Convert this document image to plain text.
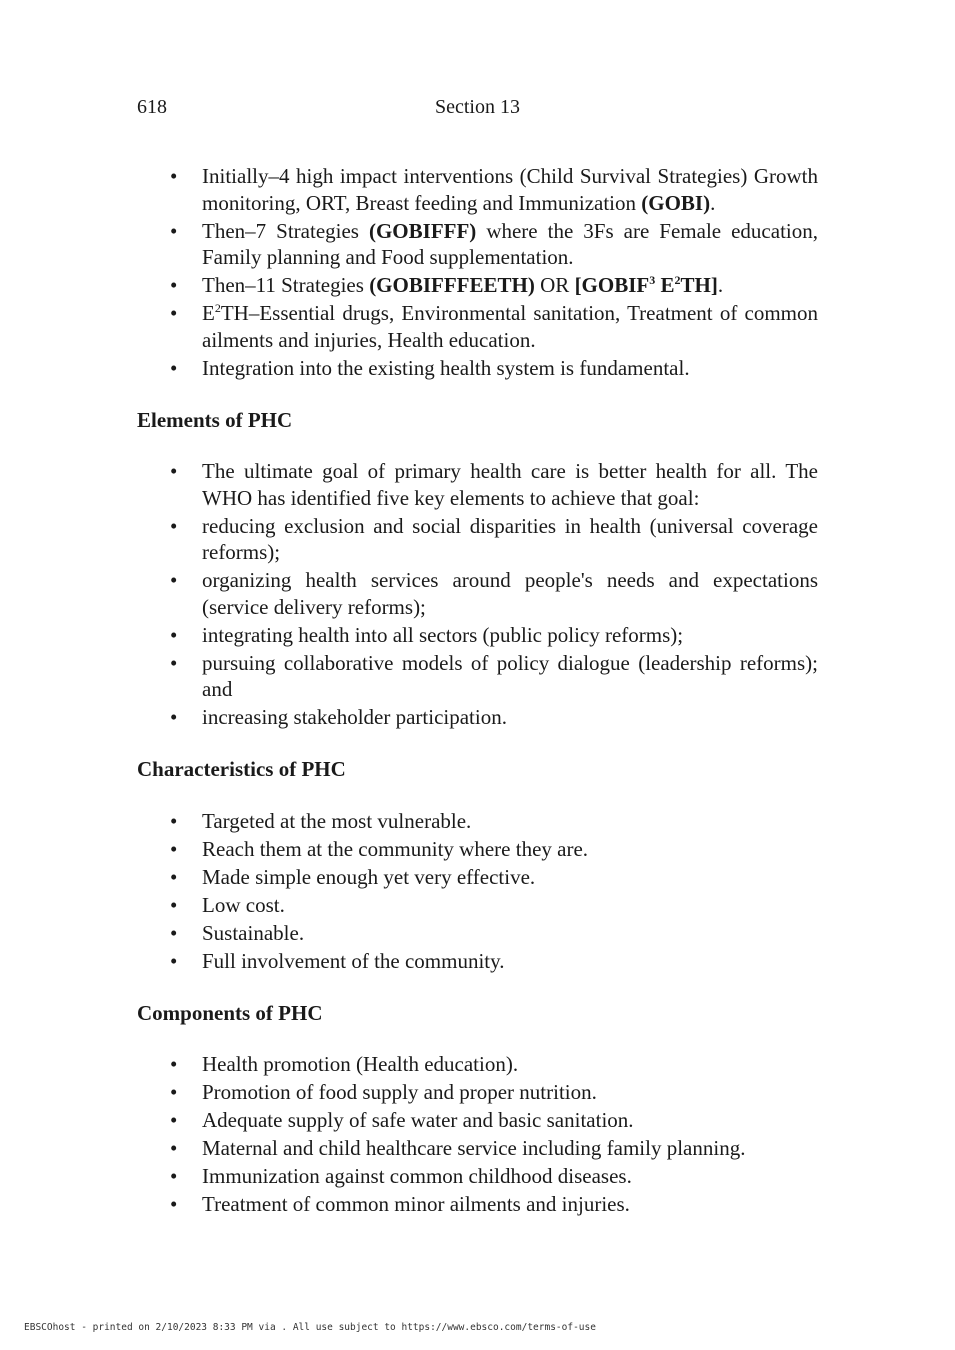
618	Section 13
• Initially–4 high impact interventions (Child Survival Strategies) Growth monitoring, ORT, Breast feeding and Immunization (GOBI).
• Then–7 Strategies (GOBIFFF) where the 3Fs are Female education, Family planning and Food supplementation.
• Then–11 Strategies (GOBIFFFEETH) OR [GOBIF$^3$ $E^2TH$].
• $E^2TH$–Essential drugs, Environmental sanitation, Treatment of common ailments and injuries, Health education.
• Integration into the existing health system is fundamental.
Elements of PHC
• The ultimate goal of primary health care is better health for all. The WHO has identified five key elements to achieve that goal:
• reducing exclusion and social disparities in health (universal coverage reforms);
• organizing health services around people's needs and expectations (service delivery reforms);
• integrating health into all sectors (public policy reforms);
• pursuing collaborative models of policy dialogue (leadership reforms); and
• increasing stakeholder participation.
Characteristics of PHC
• Targeted at the most vulnerable.
• Reach them at the community where they are.
• Made simple enough yet very effective.
• Low cost.
• Sustainable.
• Full involvement of the community.
Components of PHC
• Health promotion (Health education).
• Promotion of food supply and proper nutrition.
• Adequate supply of safe water and basic sanitation.
• Maternal and child healthcare service including family planning.
• Immunization against common childhood diseases.
• Treatment of common minor ailments and injuries.
EBSCOhost - printed on 2/10/2023 8:33 PM via . All use subject to https://www.ebsco.com/terms-of-use
